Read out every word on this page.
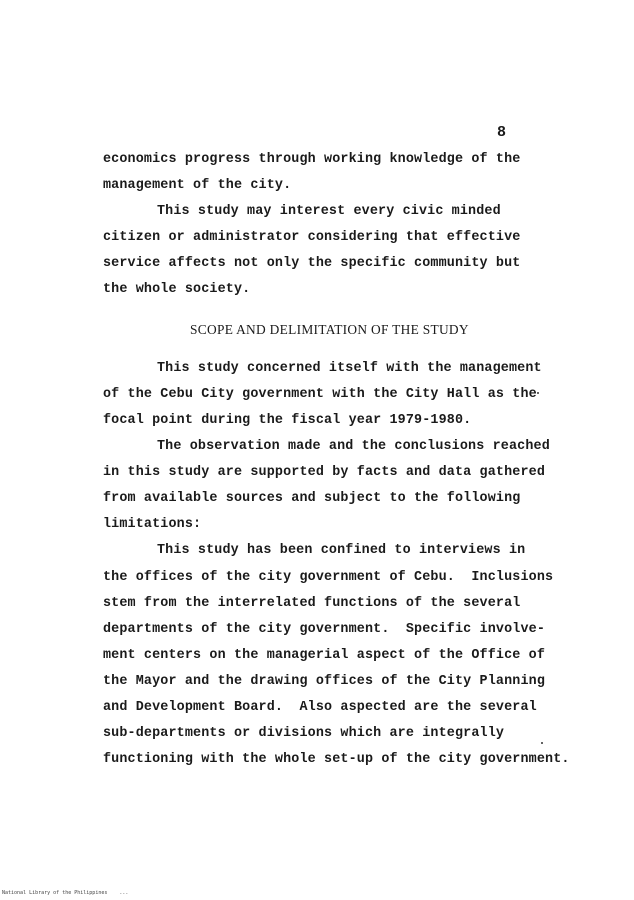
8
economics progress through working knowledge of the
management of the city.
This study may interest every civic minded
citizen or administrator considering that effective
service affects not only the specific community but
the whole society.
SCOPE AND DELIMITATION OF THE STUDY
This study concerned itself with the management
of the Cebu City government with the City Hall as the
focal point during the fiscal year 1979-1980.
The observation made and the conclusions reached
in this study are supported by facts and data gathered
from available sources and subject to the following
limitations:
This study has been confined to interviews in
the offices of the city government of Cebu.  Inclusions
stem from the interrelated functions of the several
departments of the city government.  Specific involve-
ment centers on the managerial aspect of the Office of
the Mayor and the drawing offices of the City Planning
and Development Board.  Also aspected are the several
sub-departments or divisions which are integrally
functioning with the whole set-up of the city government.
National Library of the Philippines    ...
